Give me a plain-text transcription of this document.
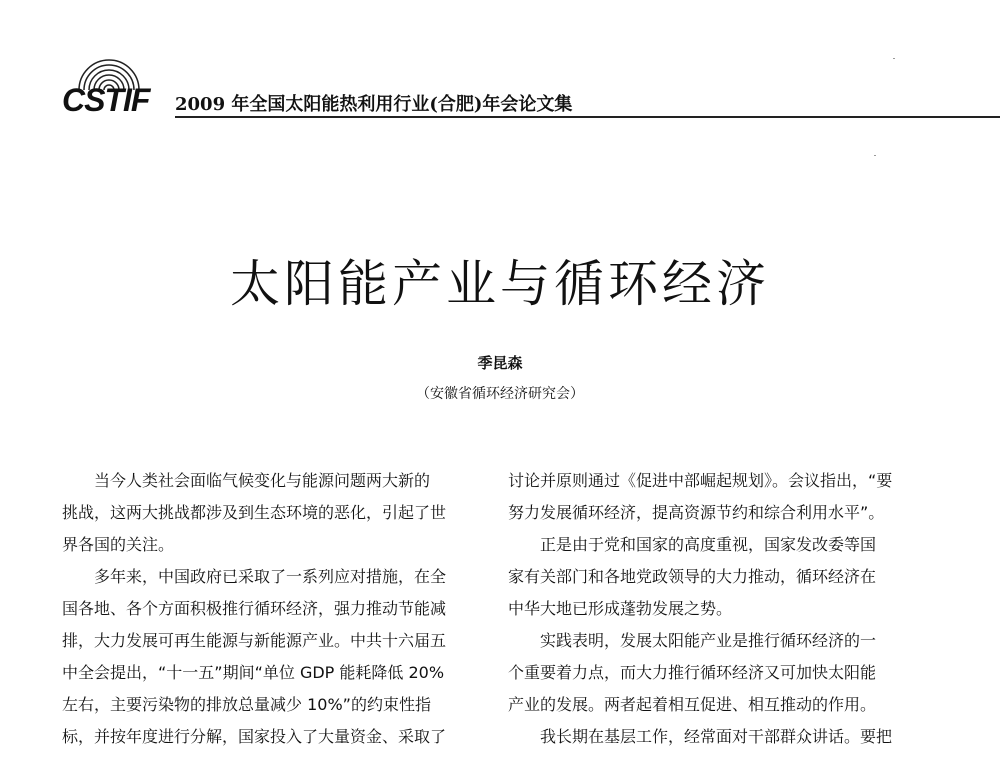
CSTIF 2009 年全国太阳能热利用行业(合肥)年会论文集
太阳能产业与循环经济
季昆森
（安徽省循环经济研究会）
当今人类社会面临气候变化与能源问题两大新的
挑战，这两大挑战都涉及到生态环境的恶化，引起了世
界各国的关注。
多年来，中国政府已采取了一系列应对措施，在全
国各地、各个方面积极推行循环经济，强力推动节能减
排，大力发展可再生能源与新能源产业。中共十六届五
中全会提出，“十一五”期间“单位 GDP 能耗降低 20%
左右，主要污染物的排放总量减少 10%”的约束性指
标，并按年度进行分解，国家投入了大量资金、采取了
讨论并原则通过《促进中部崛起规划》。会议指出，“要
努力发展循环经济，提高资源节约和综合利用水平”。
正是由于党和国家的高度重视，国家发改委等国
家有关部门和各地党政领导的大力推动，循环经济在
中华大地已形成蓬勃发展之势。
实践表明，发展太阳能产业是推行循环经济的一
个重要着力点，而大力推行循环经济又可加快太阳能
产业的发展。两者起着相互促进、相互推动的作用。
我长期在基层工作，经常面对干部群众讲话。要把
